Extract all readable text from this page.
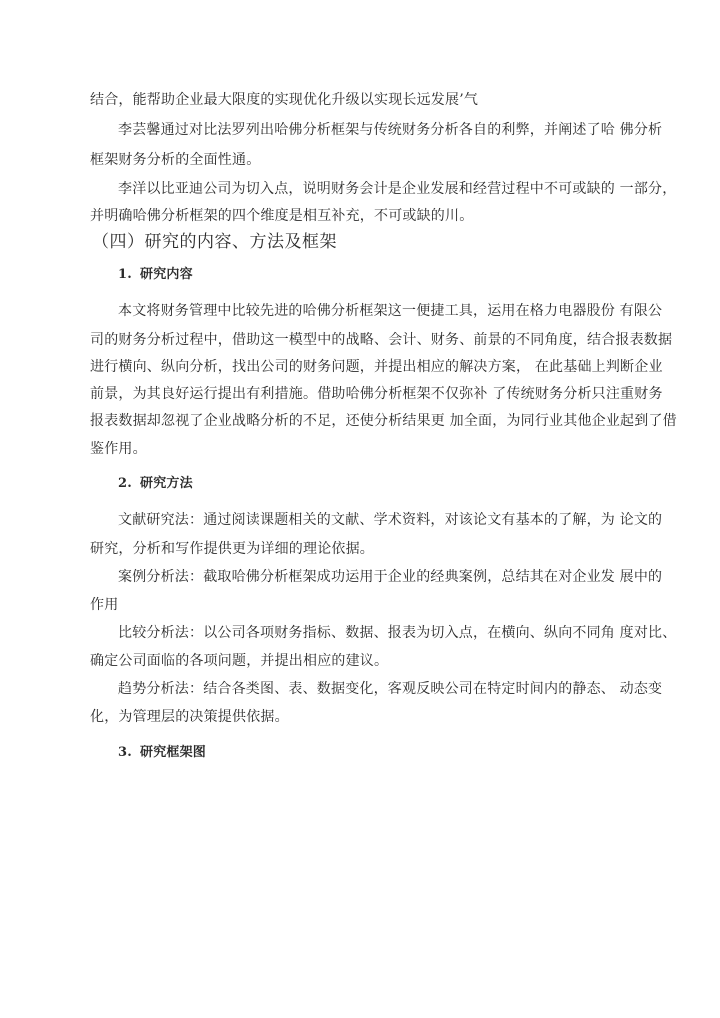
结合，能帮助企业最大限度的实现优化升级以实现长远发展’气
李芸馨通过对比法罗列出哈佛分析框架与传统财务分析各自的利弊，并阐述了哈 佛分析
框架财务分析的全面性通。
李洋以比亚迪公司为切入点，说明财务会计是企业发展和经营过程中不可或缺的 一部分，
并明确哈佛分析框架的四个维度是相互补充，不可或缺的川。
（四）研究的内容、方法及框架
1. 研究内容
本文将财务管理中比较先进的哈佛分析框架这一便捷工具，运用在格力电器股份 有限公
司的财务分析过程中，借助这一模型中的战略、会计、财务、前景的不同角度，结合报表数据
进行横向、纵向分析，找出公司的财务问题，并提出相应的解决方案， 在此基础上判断企业
前景，为其良好运行提出有利措施。借助哈佛分析框架不仅弥补 了传统财务分析只注重财务
报表数据却忽视了企业战略分析的不足，还使分析结果更 加全面，为同行业其他企业起到了借
鉴作用。
2. 研究方法
文献研究法：通过阅读课题相关的文献、学术资料，对该论文有基本的了解，为 论文的
研究，分析和写作提供更为详细的理论依据。
案例分析法：截取哈佛分析框架成功运用于企业的经典案例，总结其在对企业发 展中的
作用
比较分析法：以公司各项财务指标、数据、报表为切入点，在横向、纵向不同角 度对比、
确定公司面临的各项问题，并提出相应的建议。
趋势分析法：结合各类图、表、数据变化，客观反映公司在特定时间内的静态、 动态变
化，为管理层的决策提供依据。
3. 研究框架图
